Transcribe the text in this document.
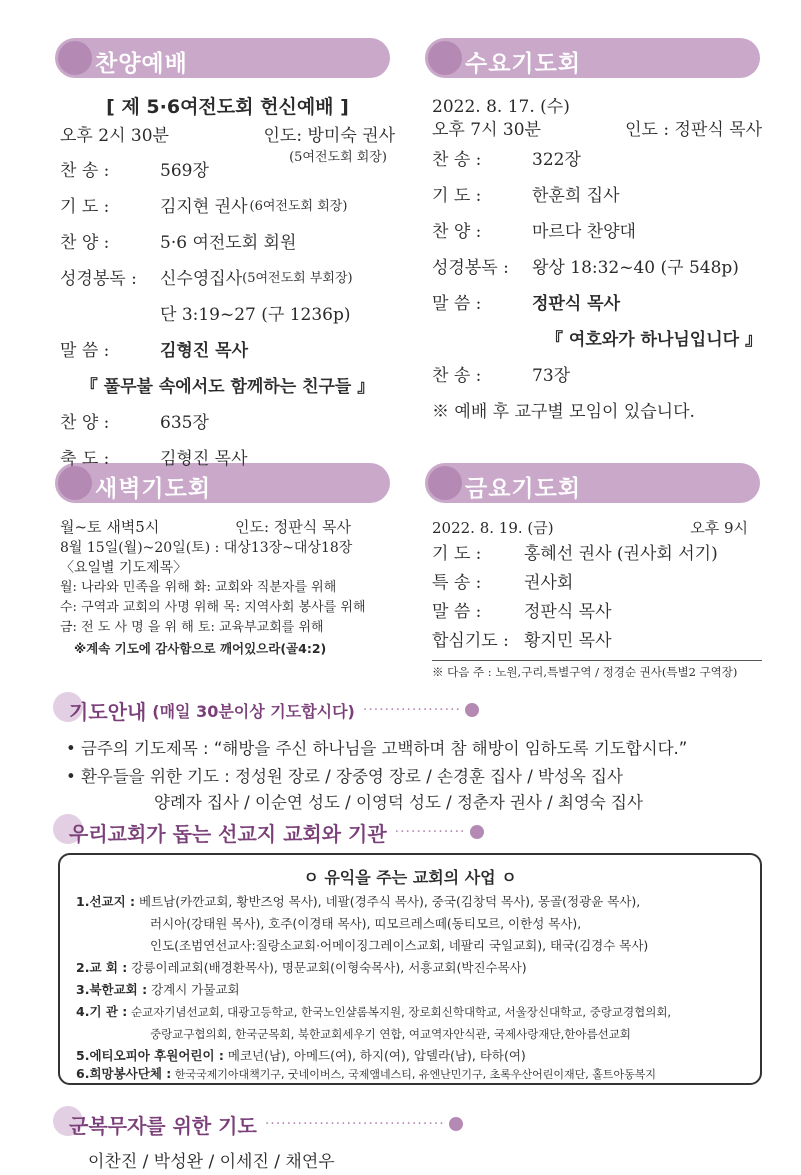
찬양예배	수요기도회
새벽기도회	금요기도회
[ 제 5·6여전도회 헌신예배 ]
오후 2시 30분	인도: 방미숙 권사
(5여전도회 회장)
찬 송 :	569장
기 도 :	김지현 권사 (6여전도회 회장)
찬 양 :	5·6 여전도회 회원
성경봉독 :	신수영집사 (5여전도회 부회장)
단 3:19~27 (구 1236p)
말 씀 :	김형진 목사
『 풀무불 속에서도 함께하는 친구들 』
찬 양 :	635장
축 도 :	김형진 목사
2022. 8. 17. (수)
오후 7시 30분	인도 : 정판식 목사
찬 송 :	322장
기 도 :	한훈희 집사
찬 양 :	마르다 찬양대
성경봉독 :	왕상 18:32~40 (구 548p)
말 씀 :	정판식 목사
『 여호와가 하나님입니다 』
찬 송 :	73장
※ 예배 후 교구별 모임이 있습니다.
월~토 새벽5시	인도: 정판식 목사
8월 15일(월)~20일(토) : 대상13장~대상18장
〈요일별 기도제목〉
월: 나라와 민족을 위해 화: 교회와 직분자를 위해
수: 구역과 교회의 사명 위해 목: 지역사회 봉사를 위해
금: 전 도 사 명 을 위 해 토: 교육부교회를 위해
※계속 기도에 감사함으로 깨어있으라(골4:2)
2022. 8. 19. (금)	오후 9시
기 도 :	홍혜선 권사 (권사회 서기)
특 송 :	권사회
말 씀 :	정판식 목사
합심기도 : 황지민 목사
※ 다음 주 : 노원,구리,특별구역 / 정경순 권사(특별2 구역장)
기도안내 (매일 30분이상 기도합시다) ··················
• 금주의 기도제목 : “해방을 주신 하나님을 고백하며 참 해방이 임하도록 기도합시다.”
• 환우들을 위한 기도 : 정성원 장로 / 장중영 장로 / 손경훈 집사 / 박성옥 집사
양례자 집사 / 이순연 성도 / 이영덕 성도 / 정춘자 권사 / 최영숙 집사
우리교회가 돕는 선교지 교회와 기관 ·············
ㅇ 유익을 주는 교회의 사업 ㅇ
1.선교지 : 베트남(카깐교회, 황반즈엉 목사), 네팔(경주식 목사), 중국(김창덕 목사), 몽골(정광윤 목사),
러시아(강태원 목사), 호주(이경태 목사), 띠모르레스떼(동티모르, 이한성 목사),
인도(조범연선교사:질랑소교회·어메이징그레이스교회, 네팔리 국일교회), 태국(김경수 목사)
2.교 회 : 강릉이레교회(배경환목사), 명문교회(이형숙목사), 서흥교회(박진수목사)
3.북한교회 : 강계시 가물교회
4.기 관 : 순교자기념선교회, 대광고등학교, 한국노인샬롬복지원, 장로회신학대학교, 서울장신대학교, 중랑교경협의회,
중랑교구협의회, 한국군목회, 북한교회세우기 연합, 여교역자안식관, 국제사랑재단,한아름선교회
5.에티오피아 후원어린이 : 메코넌(남), 아메드(여), 하지(여), 압델라(남), 타하(여)
6.희망봉사단체 : 한국국제기아대책기구, 굿네이버스, 국제앰네스티, 유엔난민기구, 초록우산어린이재단, 홀트아동복지
군복무자를 위한 기도 ·································
이찬진 / 박성완 / 이세진 / 채연우
